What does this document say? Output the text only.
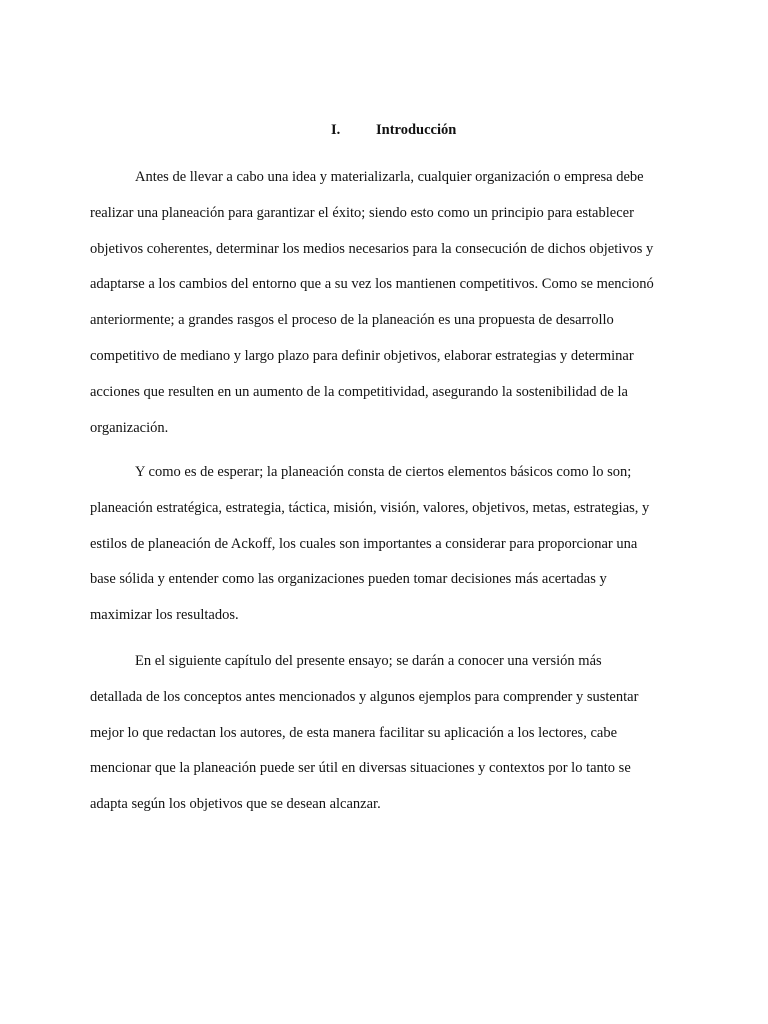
I. Introducción

Antes de llevar a cabo una idea y materializarla, cualquier organización o empresa debe
realizar una planeación para garantizar el éxito; siendo esto como un principio para establecer
objetivos coherentes, determinar los medios necesarios para la consecución de dichos objetivos y
adaptarse a los cambios del entorno que a su vez los mantienen competitivos. Como se mencionó
anteriormente; a grandes rasgos el proceso de la planeación es una propuesta de desarrollo
competitivo de mediano y largo plazo para definir objetivos, elaborar estrategias y determinar
acciones que resulten en un aumento de la competitividad, asegurando la sostenibilidad de la
organización.

Y como es de esperar; la planeación consta de ciertos elementos básicos como lo son;
planeación estratégica, estrategia, táctica, misión, visión, valores, objetivos, metas, estrategias, y
estilos de planeación de Ackoff, los cuales son importantes a considerar para proporcionar una
base sólida y entender como las organizaciones pueden tomar decisiones más acertadas y
maximizar los resultados.

En el siguiente capítulo del presente ensayo; se darán a conocer una versión más
detallada de los conceptos antes mencionados y algunos ejemplos para comprender y sustentar
mejor lo que redactan los autores, de esta manera facilitar su aplicación a los lectores, cabe
mencionar que la planeación puede ser útil en diversas situaciones y contextos por lo tanto se
adapta según los objetivos que se desean alcanzar.
